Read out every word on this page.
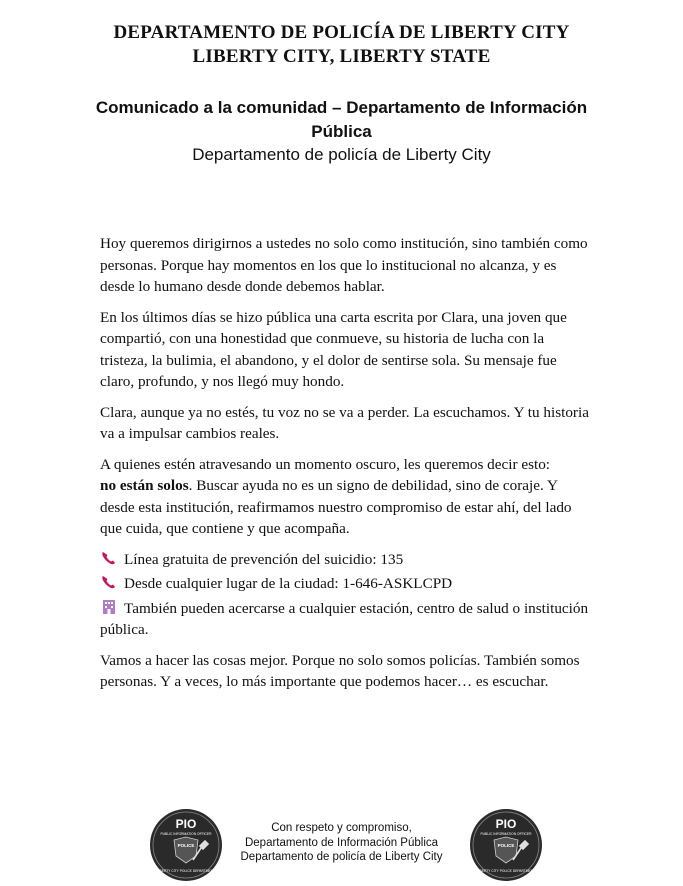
DEPARTAMENTO DE POLICÍA DE LIBERTY CITY
LIBERTY CITY, LIBERTY STATE
Comunicado a la comunidad – Departamento de Información Pública
Departamento de policía de Liberty City

Hoy queremos dirigirnos a ustedes no solo como institución, sino también como personas. Porque hay momentos en los que lo institucional no alcanza, y es desde lo humano desde donde debemos hablar.

En los últimos días se hizo pública una carta escrita por Clara, una joven que compartió, con una honestidad que conmueve, su historia de lucha con la tristeza, la bulimia, el abandono, y el dolor de sentirse sola. Su mensaje fue claro, profundo, y nos llegó muy hondo.

Clara, aunque ya no estés, tu voz no se va a perder. La escuchamos. Y tu historia va a impulsar cambios reales.

A quienes estén atravesando un momento oscuro, les queremos decir esto:
no están solos. Buscar ayuda no es un signo de debilidad, sino de coraje. Y desde esta institución, reafirmamos nuestro compromiso de estar ahí, del lado que cuida, que contiene y que acompaña.

Línea gratuita de prevención del suicidio: 135
Desde cualquier lugar de la ciudad: 1-646-ASKLCPD

También pueden acercarse a cualquier estación, centro de salud o institución pública.

Vamos a hacer las cosas mejor. Porque no solo somos policías. También somos personas. Y a veces, lo más importante que podemos hacer… es escuchar.

PIO
PUBLIC INFORMATION OFFICER
POLICE
LIBERTY CITY POLICE DEPARTMENT
Con respeto y compromiso,
Departamento de Información Pública
Departamento de policía de Liberty City
PIO
PUBLIC INFORMATION OFFICER
POLICE
LIBERTY CITY POLICE DEPARTMENT
